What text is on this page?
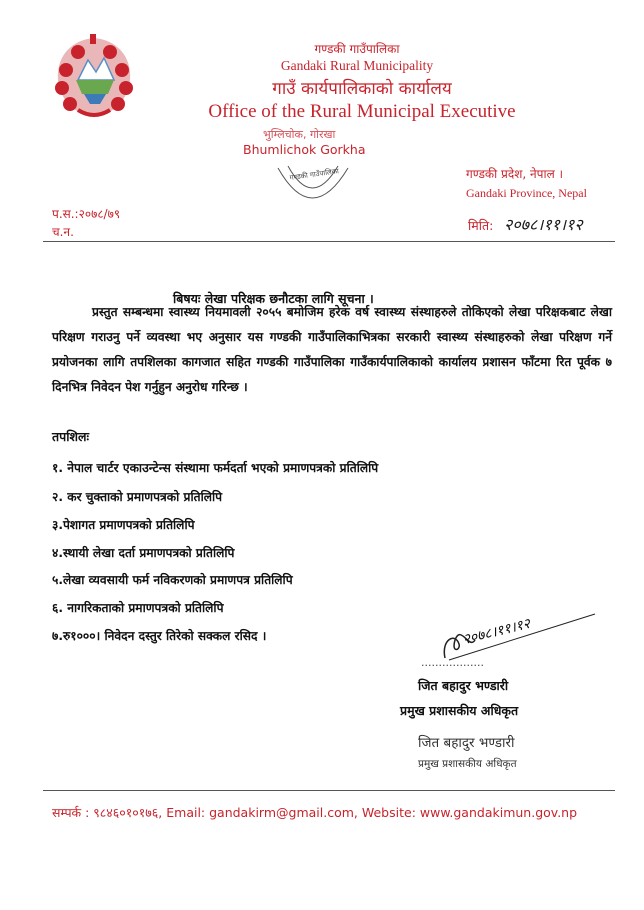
गण्डकी गाउँपालिका
Gandaki Rural Municipality
गाउँ कार्यपालिकाको कार्यालय
Office of the Rural Municipal Executive
भुम्लिचोक, गोरखा
Bhumlichok Gorkha
गण्डकी गाउँपालिका	गण्डकी प्रदेश, नेपाल ।
Gandaki Province, Nepal
प.स.:२०७८/७९
च.न.	मिति: २०७८।११।१२
बिषयः लेखा परिक्षक छनौटका लागि सूचना ।
प्रस्तुत सम्बन्धमा स्वास्थ्य नियमावली २०५५ बमोजिम हरेक वर्ष स्वास्थ्य संस्थाहरुले तोकिएको लेखा परिक्षकबाट लेखा परिक्षण गराउनु पर्ने व्यवस्था भए अनुसार यस गण्डकी गाउँपालिकाभित्रका सरकारी स्वास्थ्य संस्थाहरुको लेखा परिक्षण गर्ने प्रयोजनका लागि तपशिलका कागजात सहित गण्डकी गाउँपालिका गाउँकार्यपालिकाको कार्यालय प्रशासन फाँटमा रित पूर्वक ७ दिनभित्र निवेदन पेश गर्नुहुन अनुरोध गरिन्छ ।
तपशिलः
१. नेपाल चार्टर एकाउन्टेन्स संस्थामा फर्मदर्ता भएको प्रमाणपत्रको प्रतिलिपि
२. कर चुक्ताको प्रमाणपत्रको प्रतिलिपि
३.पेशागत प्रमाणपत्रको प्रतिलिपि
४.स्थायी लेखा दर्ता प्रमाणपत्रको प्रतिलिपि
५.लेखा व्यवसायी फर्म नविकरणको प्रमाणपत्र प्रतिलिपि
६. नागरिकताको प्रमाणपत्रको प्रतिलिपि
७.रु१०००। निवेदन दस्तुर तिरेको सक्कल रसिद ।	२०७८।११।१२
..................
जित बहादुर भण्डारी
प्रमुख प्रशासकीय अधिकृत
जित बहादुर भण्डारी
प्रमुख प्रशासकीय अधिकृत
सम्पर्क : ९८४६०१०१७६, Email: gandakirm@gmail.com, Website: www.gandakimun.gov.np
